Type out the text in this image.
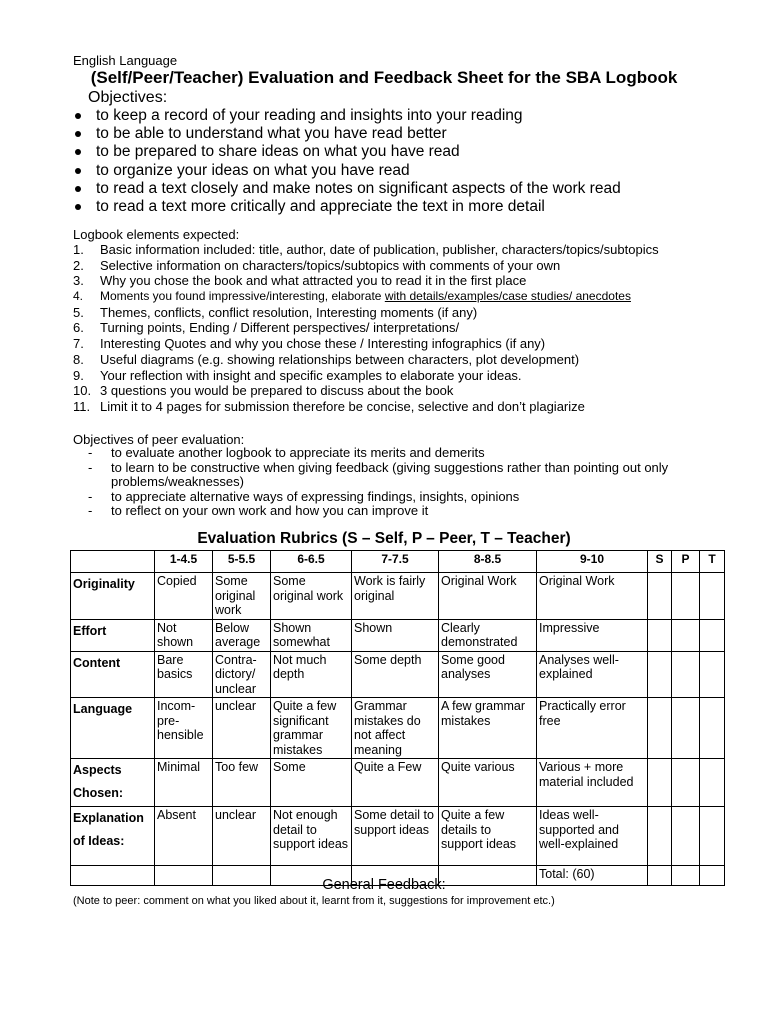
English Language
(Self/Peer/Teacher) Evaluation and Feedback Sheet for the SBA Logbook
Objectives:
to keep a record of your reading and insights into your reading
to be able to understand what you have read better
to be prepared to share ideas on what you have read
to organize your ideas on what you have read
to read a text closely and make notes on significant aspects of the work read
to read a text more critically and appreciate the text in more detail
Logbook elements expected:
1. Basic information included: title, author, date of publication, publisher, characters/topics/subtopics
2. Selective information on characters/topics/subtopics with comments of your own
3. Why you chose the book and what attracted you to read it in the first place
4. Moments you found impressive/interesting, elaborate with details/examples/case studies/ anecdotes
5. Themes, conflicts, conflict resolution, Interesting moments (if any)
6. Turning points, Ending / Different perspectives/ interpretations/
7. Interesting Quotes and why you chose these / Interesting infographics (if any)
8. Useful diagrams (e.g. showing relationships between characters, plot development)
9. Your reflection with insight and specific examples to elaborate your ideas.
10. 3 questions you would be prepared to discuss about the book
11. Limit it to 4 pages for submission therefore be concise, selective and don’t plagiarize
Objectives of peer evaluation:
- to evaluate another logbook to appreciate its merits and demerits
- to learn to be constructive when giving feedback (giving suggestions rather than pointing out only problems/weaknesses)
- to appreciate alternative ways of expressing findings, insights, opinions
- to reflect on your own work and how you can improve it
Evaluation Rubrics (S – Self, P – Peer, T – Teacher)
	1-4.5	5-5.5	6-6.5	7-7.5	8-8.5	9-10	S	P	T
Originality	Copied	Some original work	Some original work	Work is fairly original	Original Work	Original Work			
Effort	Not shown	Below average	Shown somewhat	Shown	Clearly demonstrated	Impressive			
Content	Bare basics	Contra-dictory/ unclear	Not much depth	Some depth	Some good analyses	Analyses well-explained			
Language	Incom-pre-hensible	unclear	Quite a few significant grammar mistakes	Grammar mistakes do not affect meaning	A few grammar mistakes	Practically error free			
Aspects Chosen:	Minimal	Too few	Some	Quite a Few	Quite various	Various + more material included			
Explanation of Ideas:	Absent	unclear	Not enough detail to support ideas	Some detail to support ideas	Quite a few details to support ideas	Ideas well-supported and well-explained			
						Total: (60)			
General Feedback:
(Note to peer: comment on what you liked about it, learnt from it, suggestions for improvement etc.)
